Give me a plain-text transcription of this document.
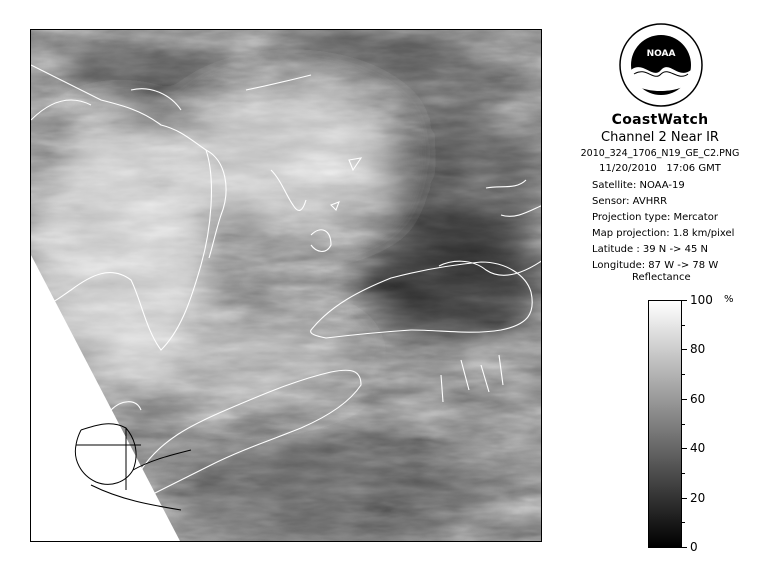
NOAA
CoastWatch
Channel 2 Near IR
2010_324_1706_N19_GE_C2.PNG
11/20/2010 17:06 GMT
Satellite: NOAA-19
Sensor: AVHRR
Projection type: Mercator
Map projection: 1.8 km/pixel
Latitude : 39 N -> 45 N
Longitude: 87 W -> 78 W
Reflectance
%
100
80
60
40
20
0
